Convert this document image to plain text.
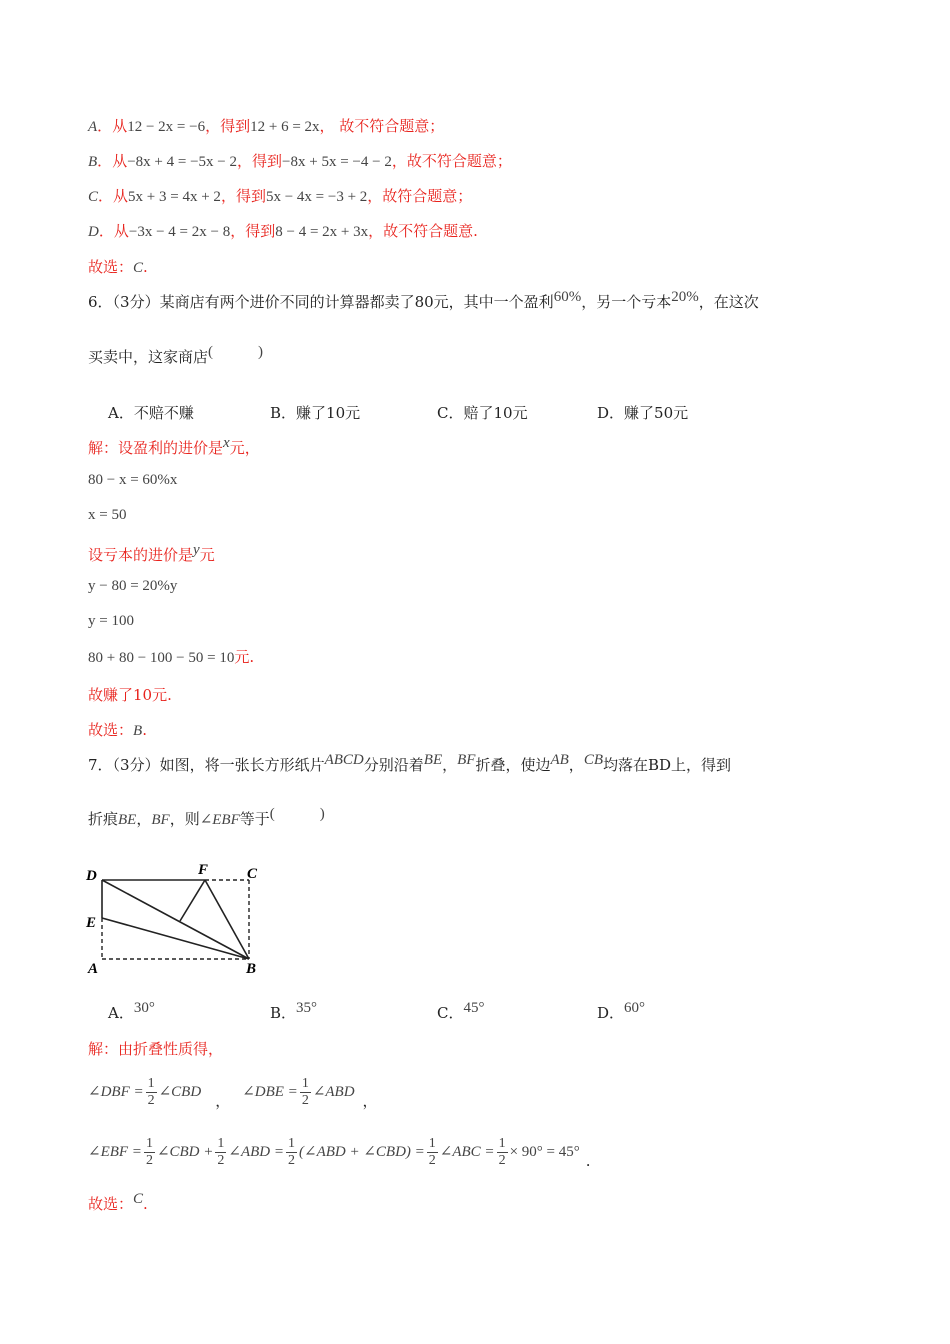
A．从12 − 2x = −6，得到12 + 6 = 2x， 故不符合题意；
B．从−8x + 4 = −5x − 2，得到−8x + 5x = −4 − 2，故不符合题意；
C．从5x + 3 = 4x + 2，得到5x − 4x = −3 + 2，故符合题意；
D．从−3x − 4 = 2x − 8，得到8 − 4 = 2x + 3x，故不符合题意.
故选：C.
6．（3分）某商店有两个进价不同的计算器都卖了80元，其中一个盈利60%，另一个亏本20%，在这次
买卖中，这家商店(　　　)
A．不赔不赚	B．赚了10元	C．赔了10元	D．赚了50元
解：设盈利的进价是x元，
80 − x = 60%x
x = 50
设亏本的进价是y元
y − 80 = 20%y
y = 100
80 + 80 − 100 − 50 = 10元.
故赚了10元.
故选：B.
7．（3分）如图，将一张长方形纸片ABCD分别沿着BE，BF折叠，使边AB，CB均落在BD上，得到
折痕BE，BF，则∠EBF等于(　　　)
D	F	C
E
A	B
A．30°	B．35°	C．45°	D．60°
解：由折叠性质得，
∠DBF = $\frac{1}{2}$ ∠CBD ， ∠DBE = $\frac{1}{2}$ ∠ABD ，
∠EBF = $\frac{1}{2}$ ∠CBD + $\frac{1}{2}$ ∠ABD = $\frac{1}{2}$ (∠ABD + ∠CBD) = $\frac{1}{2}$ ∠ABC = $\frac{1}{2} \times 90^\circ = 45^\circ$ .
故选：C.
